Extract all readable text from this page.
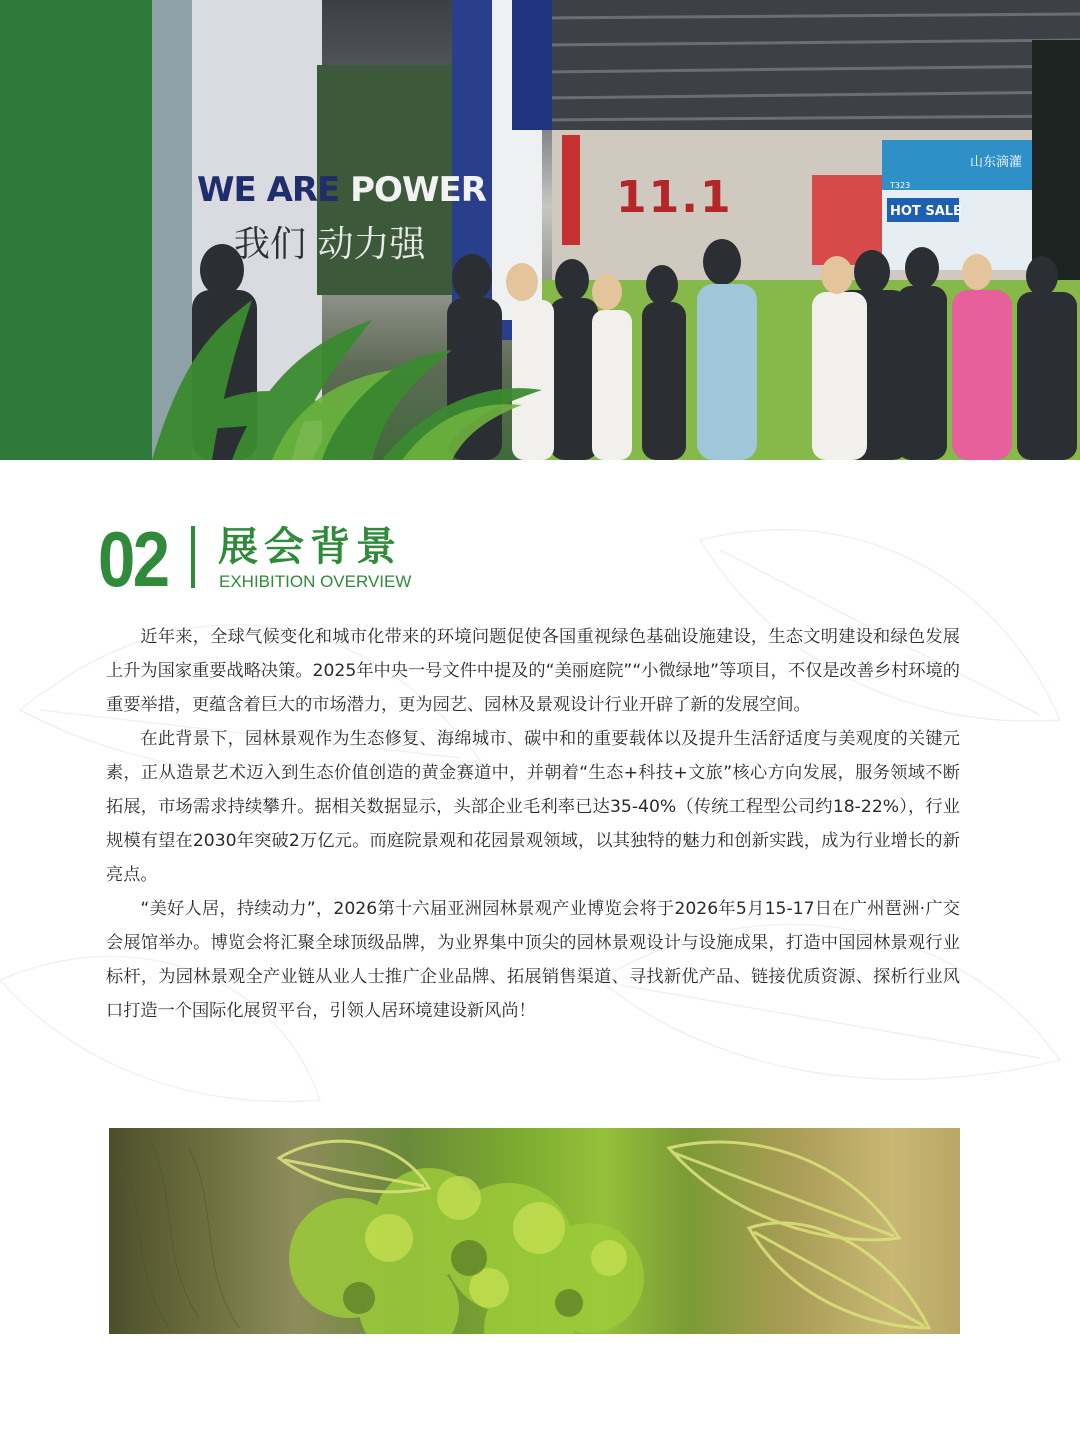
WE ARE POWER
我们 动力强
11.1	T323
HOT SALE
山东滴灌
02 展会背景
EXHIBITION OVERVIEW

近年来，全球气候变化和城市化带来的环境问题促使各国重视绿色基础设施建设，生态文明建设和绿色发展上升为国家重要战略决策。2025年中央一号文件中提及的“美丽庭院”“小微绿地”等项目，不仅是改善乡村环境的重要举措，更蕴含着巨大的市场潜力，更为园艺、园林及景观设计行业开辟了新的发展空间。

在此背景下，园林景观作为生态修复、海绵城市、碳中和的重要载体以及提升生活舒适度与美观度的关键元素，正从造景艺术迈入到生态价值创造的黄金赛道中，并朝着“生态+科技+文旅”核心方向发展，服务领域不断拓展，市场需求持续攀升。据相关数据显示，头部企业毛利率已达35-40%（传统工程型公司约18-22%），行业规模有望在2030年突破2万亿元。而庭院景观和花园景观领域，以其独特的魅力和创新实践，成为行业增长的新亮点。

“美好人居，持续动力”，2026第十六届亚洲园林景观产业博览会将于2026年5月15-17日在广州琶洲·广交会展馆举办。博览会将汇聚全球顶级品牌，为业界集中顶尖的园林景观设计与设施成果，打造中国园林景观行业标杆，为园林景观全产业链从业人士推广企业品牌、拓展销售渠道、寻找新优产品、链接优质资源、探析行业风口打造一个国际化展贸平台，引领人居环境建设新风尚！
